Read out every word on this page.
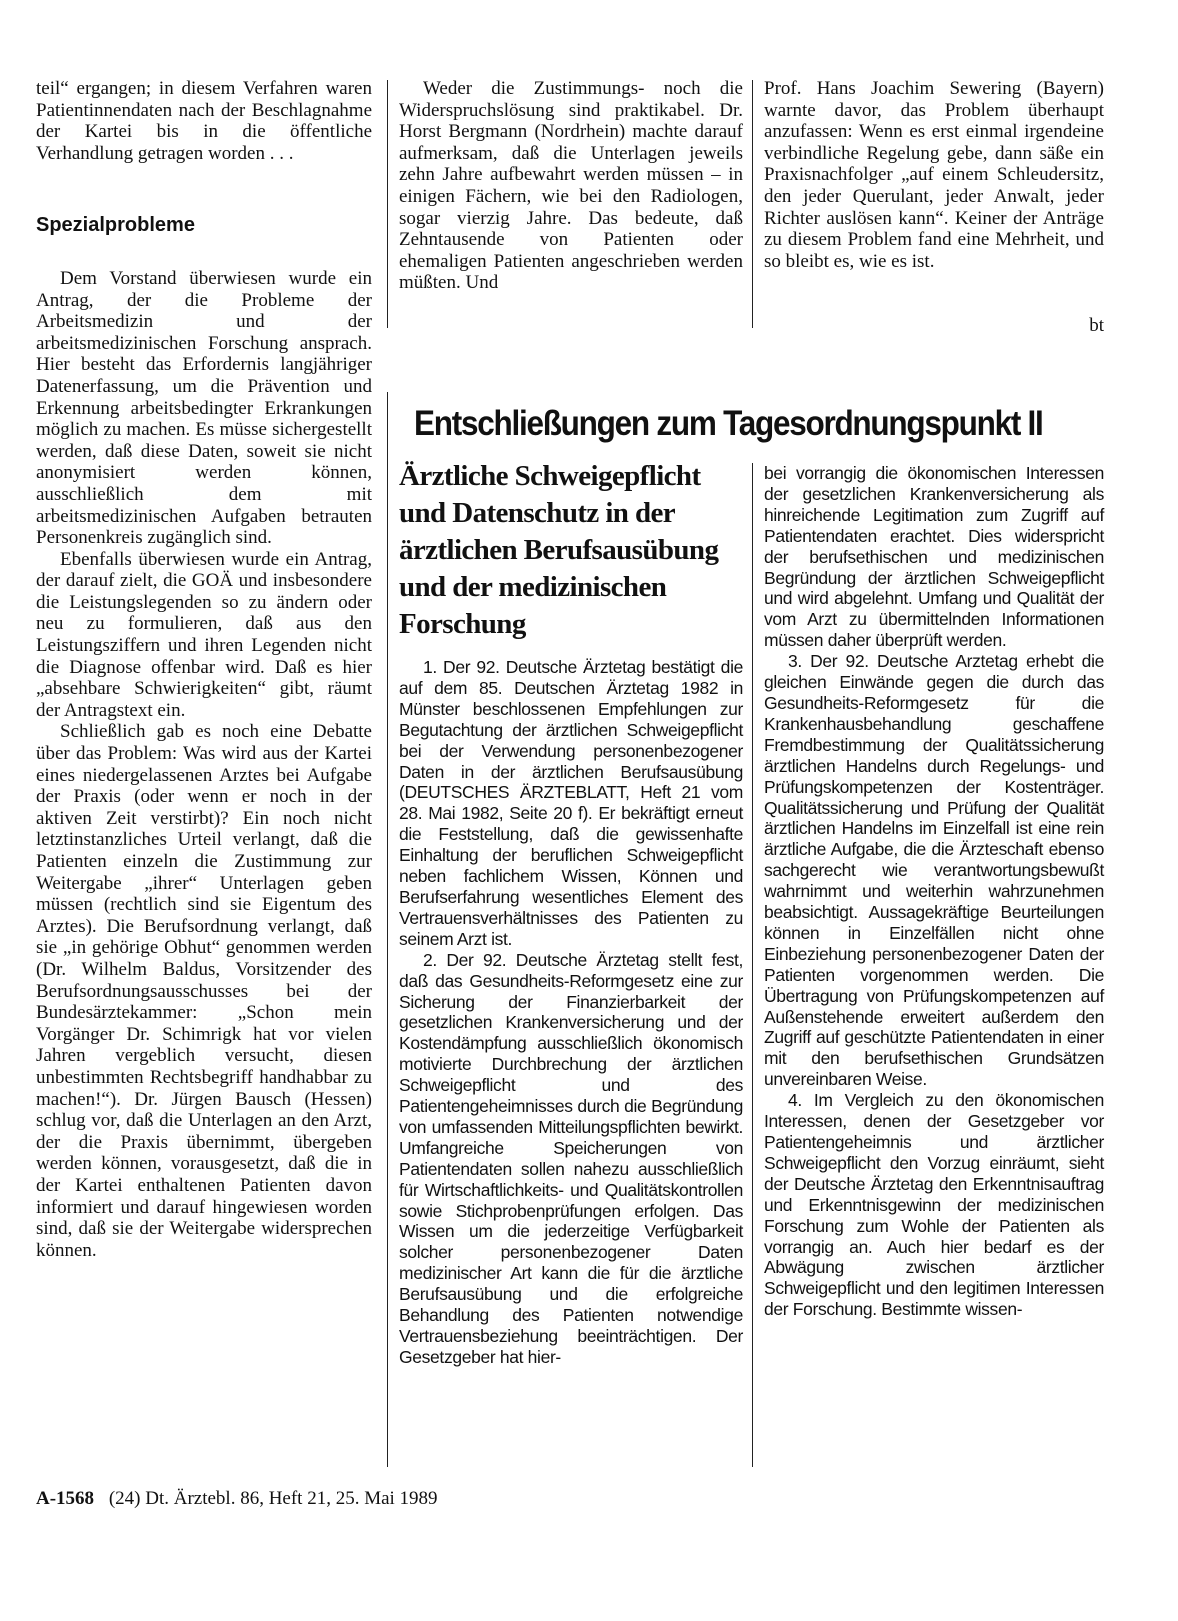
teil“ ergangen; in diesem Verfahren waren Patientinnendaten nach der Beschlagnahme der Kartei bis in die öffentliche Verhandlung getragen worden . . .

Spezialprobleme

Dem Vorstand überwiesen wurde ein Antrag, der die Probleme der Arbeitsmedizin und der arbeitsmedizinischen Forschung ansprach. Hier besteht das Erfordernis langjähriger Datenerfassung, um die Prävention und Erkennung arbeitsbedingter Erkrankungen möglich zu machen. Es müsse sichergestellt werden, daß diese Daten, soweit sie nicht anonymisiert werden können, ausschließlich dem mit arbeitsmedizinischen Aufgaben betrauten Personenkreis zugänglich sind.

Ebenfalls überwiesen wurde ein Antrag, der darauf zielt, die GOÄ und insbesondere die Leistungslegenden so zu ändern oder neu zu formulieren, daß aus den Leistungsziffern und ihren Legenden nicht die Diagnose offenbar wird. Daß es hier „absehbare Schwierigkeiten“ gibt, räumt der Antragstext ein.

Schließlich gab es noch eine Debatte über das Problem: Was wird aus der Kartei eines niedergelassenen Arztes bei Aufgabe der Praxis (oder wenn er noch in der aktiven Zeit verstirbt)? Ein noch nicht letztinstanzliches Urteil verlangt, daß die Patienten einzeln die Zustimmung zur Weitergabe „ihrer“ Unterlagen geben müssen (rechtlich sind sie Eigentum des Arztes). Die Berufsordnung verlangt, daß sie „in gehörige Obhut“ genommen werden (Dr. Wilhelm Baldus, Vorsitzender des Berufsordnungsausschusses bei der Bundesärztekammer: „Schon mein Vorgänger Dr. Schimrigk hat vor vielen Jahren vergeblich versucht, diesen unbestimmten Rechtsbegriff handhabbar zu machen!“). Dr. Jürgen Bausch (Hessen) schlug vor, daß die Unterlagen an den Arzt, der die Praxis übernimmt, übergeben werden können, vorausgesetzt, daß die in der Kartei enthaltenen Patienten davon informiert und darauf hingewiesen worden sind, daß sie der Weitergabe widersprechen können.

Weder die Zustimmungs- noch die Widerspruchslösung sind praktikabel. Dr. Horst Bergmann (Nordrhein) machte darauf aufmerksam, daß die Unterlagen jeweils zehn Jahre aufbewahrt werden müssen – in einigen Fächern, wie bei den Radiologen, sogar vierzig Jahre. Das bedeute, daß Zehntausende von Patienten oder ehemaligen Patienten angeschrieben werden müßten. Und

Prof. Hans Joachim Sewering (Bayern) warnte davor, das Problem überhaupt anzufassen: Wenn es erst einmal irgendeine verbindliche Regelung gebe, dann säße ein Praxisnachfolger „auf einem Schleudersitz, den jeder Querulant, jeder Anwalt, jeder Richter auslösen kann“. Keiner der Anträge zu diesem Problem fand eine Mehrheit, und so bleibt es, wie es ist.

bt
Entschließungen zum Tagesordnungspunkt II
Ärztliche Schweigepflicht und Datenschutz in der ärztlichen Berufsausübung und der medizinischen Forschung

1. Der 92. Deutsche Ärztetag bestätigt die auf dem 85. Deutschen Ärztetag 1982 in Münster beschlossenen Empfehlungen zur Begutachtung der ärztlichen Schweigepflicht bei der Verwendung personenbezogener Daten in der ärztlichen Berufsausübung (DEUTSCHES ÄRZTEBLATT, Heft 21 vom 28. Mai 1982, Seite 20 f). Er bekräftigt erneut die Feststellung, daß die gewissenhafte Einhaltung der beruflichen Schweigepflicht neben fachlichem Wissen, Können und Berufserfahrung wesentliches Element des Vertrauensverhältnisses des Patienten zu seinem Arzt ist.

2. Der 92. Deutsche Ärztetag stellt fest, daß das Gesundheits-Reformgesetz eine zur Sicherung der Finanzierbarkeit der gesetzlichen Krankenversicherung und der Kostendämpfung ausschließlich ökonomisch motivierte Durchbrechung der ärztlichen Schweigepflicht und des Patientengeheimnisses durch die Begründung von umfassenden Mitteilungspflichten bewirkt. Umfangreiche Speicherungen von Patientendaten sollen nahezu ausschließlich für Wirtschaftlichkeits- und Qualitätskontrollen sowie Stichprobenprüfungen erfolgen. Das Wissen um die jederzeitige Verfügbarkeit solcher personenbezogener Daten medizinischer Art kann die für die ärztliche Berufsausübung und die erfolgreiche Behandlung des Patienten notwendige Vertrauensbeziehung beeinträchtigen. Der Gesetzgeber hat hier-

bei vorrangig die ökonomischen Interessen der gesetzlichen Krankenversicherung als hinreichende Legitimation zum Zugriff auf Patientendaten erachtet. Dies widerspricht der berufsethischen und medizinischen Begründung der ärztlichen Schweigepflicht und wird abgelehnt. Umfang und Qualität der vom Arzt zu übermittelnden Informationen müssen daher überprüft werden.

3. Der 92. Deutsche Arztetag erhebt die gleichen Einwände gegen die durch das Gesundheits-Reformgesetz für die Krankenhausbehandlung geschaffene Fremdbestimmung der Qualitätssicherung ärztlichen Handelns durch Regelungs- und Prüfungskompetenzen der Kostenträger. Qualitätssicherung und Prüfung der Qualität ärztlichen Handelns im Einzelfall ist eine rein ärztliche Aufgabe, die die Ärzteschaft ebenso sachgerecht wie verantwortungsbewußt wahrnimmt und weiterhin wahrzunehmen beabsichtigt. Aussagekräftige Beurteilungen können in Einzelfällen nicht ohne Einbeziehung personenbezogener Daten der Patienten vorgenommen werden. Die Übertragung von Prüfungskompetenzen auf Außenstehende erweitert außerdem den Zugriff auf geschützte Patientendaten in einer mit den berufsethischen Grundsätzen unvereinbaren Weise.

4. Im Vergleich zu den ökonomischen Interessen, denen der Gesetzgeber vor Patientengeheimnis und ärztlicher Schweigepflicht den Vorzug einräumt, sieht der Deutsche Ärztetag den Erkenntnisauftrag und Erkenntnisgewinn der medizinischen Forschung zum Wohle der Patienten als vorrangig an. Auch hier bedarf es der Abwägung zwischen ärztlicher Schweigepflicht und den legitimen Interessen der Forschung. Bestimmte wissen-

A-1568 (24) Dt. Ärztebl. 86, Heft 21, 25. Mai 1989
